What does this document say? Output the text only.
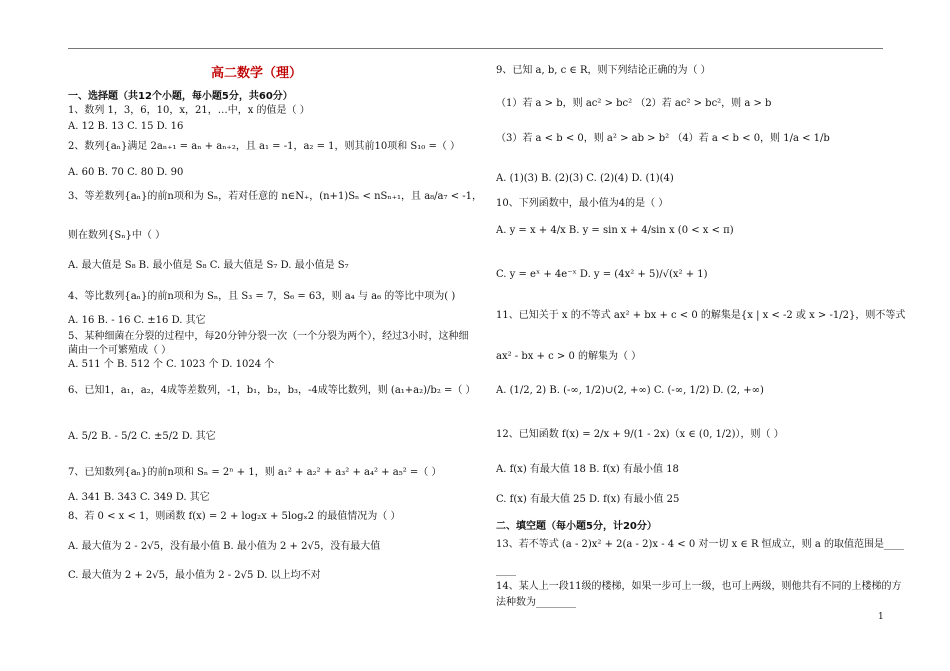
高二数学（理）
一、选择题（共12个小题，每小题5分，共60分）
1、数列 1，3，6，10，x，21，…中，x 的值是（ ）
A. 12 B. 13 C. 15 D. 16
2、数列{aₙ}满足 2aₙ₊₁ = aₙ + aₙ₊₂，且 a₁ = -1，a₂ = 1，则其前10项和 S₁₀ =（ ）
A. 60 B. 70 C. 80 D. 90
3、等差数列{aₙ}的前n项和为 Sₙ，若对任意的 n∈N₊，(n+1)Sₙ < nSₙ₊₁，且 a₈/a₇ < -1，
则在数列{Sₙ}中（ ）
A. 最大值是 S₈ B. 最小值是 S₈ C. 最大值是 S₇ D. 最小值是 S₇
4、等比数列{aₙ}的前n项和为 Sₙ，且 S₃ = 7，S₆ = 63，则 a₄ 与 a₆ 的等比中项为( )
A. 16 B. - 16 C. ±16 D. 其它
5、某种细菌在分裂的过程中，每20分钟分裂一次（一个分裂为两个），经过3小时，这种细
菌由一个可繁殖成（ ）
A. 511 个 B. 512 个 C. 1023 个 D. 1024 个
6、已知1，a₁，a₂，4成等差数列，-1，b₁，b₂，b₃，-4成等比数列，则 (a₁+a₂)/b₂ =（ ）
A. 5/2 B. - 5/2 C. ±5/2 D. 其它
7、已知数列{aₙ}的前n项和 Sₙ = 2ⁿ + 1，则 a₁² + a₂² + a₃² + a₄² + a₅² =（ ）
A. 341 B. 343 C. 349 D. 其它
8、若 0 < x < 1，则函数 f(x) = 2 + log₂x + 5logₓ2 的最值情况为（ ）
A. 最大值为 2 - 2√5，没有最小值 B. 最小值为 2 + 2√5，没有最大值
C. 最大值为 2 + 2√5，最小值为 2 - 2√5 D. 以上均不对
9、已知 a, b, c ∈ R，则下列结论正确的为（ ）
（1）若 a > b，则 ac² > bc² （2）若 ac² > bc²，则 a > b
（3）若 a < b < 0，则 a² > ab > b² （4）若 a < b < 0，则 1/a < 1/b
A. (1)(3) B. (2)(3) C. (2)(4) D. (1)(4)
10、下列函数中，最小值为4的是（ ）
A. y = x + 4/x B. y = sin x + 4/sin x (0 < x < π)
C. y = eˣ + 4e⁻ˣ D. y = (4x² + 5)/√(x² + 1)
11、已知关于 x 的不等式 ax² + bx + c < 0 的解集是{x | x < -2 或 x > -1/2}，则不等式
ax² - bx + c > 0 的解集为（ ）
A. (1/2, 2) B. (-∞, 1/2)∪(2, +∞) C. (-∞, 1/2) D. (2, +∞)
12、已知函数 f(x) = 2/x + 9/(1 - 2x)（x ∈ (0, 1/2)），则（ ）
A. f(x) 有最大值 18 B. f(x) 有最小值 18
C. f(x) 有最大值 25 D. f(x) 有最小值 25
二、填空题（每小题5分，计20分）
13、若不等式 (a - 2)x² + 2(a - 2)x - 4 < 0 对一切 x ∈ R 恒成立，则 a 的取值范围是____
____
14、某人上一段11级的楼梯，如果一步可上一级，也可上两级，则他共有不同的上楼梯的方
法种数为________
1
